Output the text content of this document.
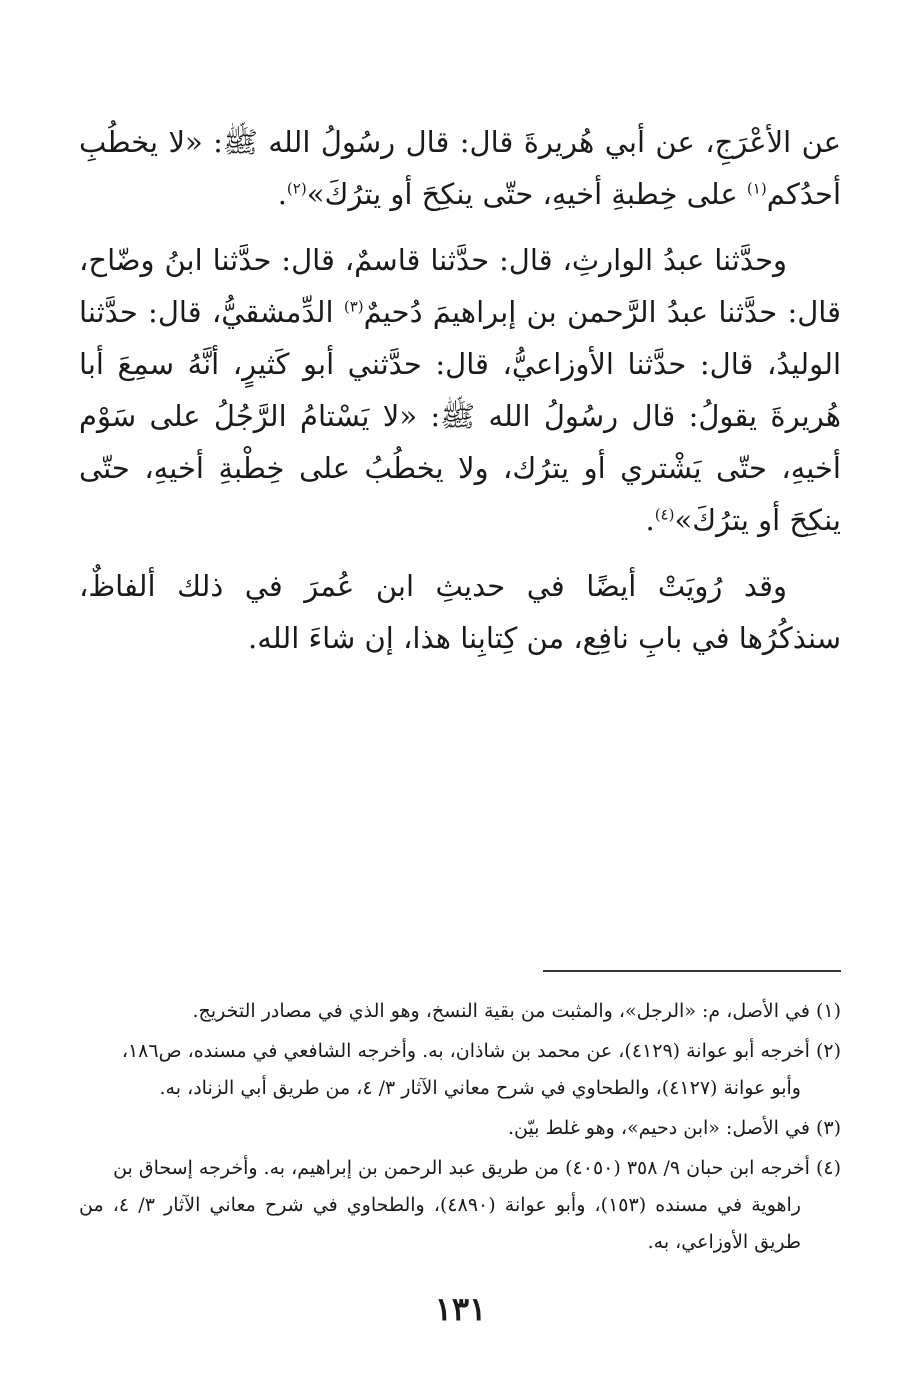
عن الأعْرَجِ، عن أبي هُريرةَ قال: قال رسُولُ الله ﷺ: «لا يخطُبِ أحدُكم$^{(١)}$ على خِطبةِ أخيهِ، حتّى ينكِحَ أو يترُكَ»$^{(٢)}$.

وحدَّثنا عبدُ الوارثِ، قال: حدَّثنا قاسمٌ، قال: حدَّثنا ابنُ وضّاح، قال: حدَّثنا عبدُ الرَّحمن بن إبراهيمَ دُحيمٌ$^{(٣)}$ الدِّمشقيُّ، قال: حدَّثنا الوليدُ، قال: حدَّثنا الأوزاعيُّ، قال: حدَّثني أبو كَثيرٍ، أنَّهُ سمِعَ أبا هُريرةَ يقولُ: قال رسُولُ الله ﷺ: «لا يَسْتامُ الرَّجُلُ على سَوْم أخيهِ، حتّى يَشْتري أو يترُك، ولا يخطُبُ على خِطْبةِ أخيهِ، حتّى ينكِحَ أو يترُكَ»$^{(٤)}$.

وقد رُويَتْ أيضًا في حديثِ ابن عُمرَ في ذلك ألفاظٌ، سنذكُرُها في بابِ نافِع، من كِتابِنا هذا، إن شاءَ الله.

(١)في الأصل، م: «الرجل»، والمثبت من بقية النسخ، وهو الذي في مصادر التخريج.

(٢)أخرجه أبو عوانة (٤١٢٩)، عن محمد بن شاذان، به. وأخرجه الشافعي في مسنده، ص١٨٦،
وأبو عوانة (٤١٢٧)، والطحاوي في شرح معاني الآثار ٣/ ٤، من طريق أبي الزناد، به.

(٣)في الأصل: «ابن دحيم»، وهو غلط بيّن.

(٤)أخرجه ابن حبان ٩/ ٣٥٨ (٤٠٥٠) من طريق عبد الرحمن بن إبراهيم، به. وأخرجه إسحاق بن
راهوية في مسنده (١٥٣)، وأبو عوانة (٤٨٩٠)، والطحاوي في شرح معاني الآثار ٣/ ٤، من طريق الأوزاعي، به.

١٣١
